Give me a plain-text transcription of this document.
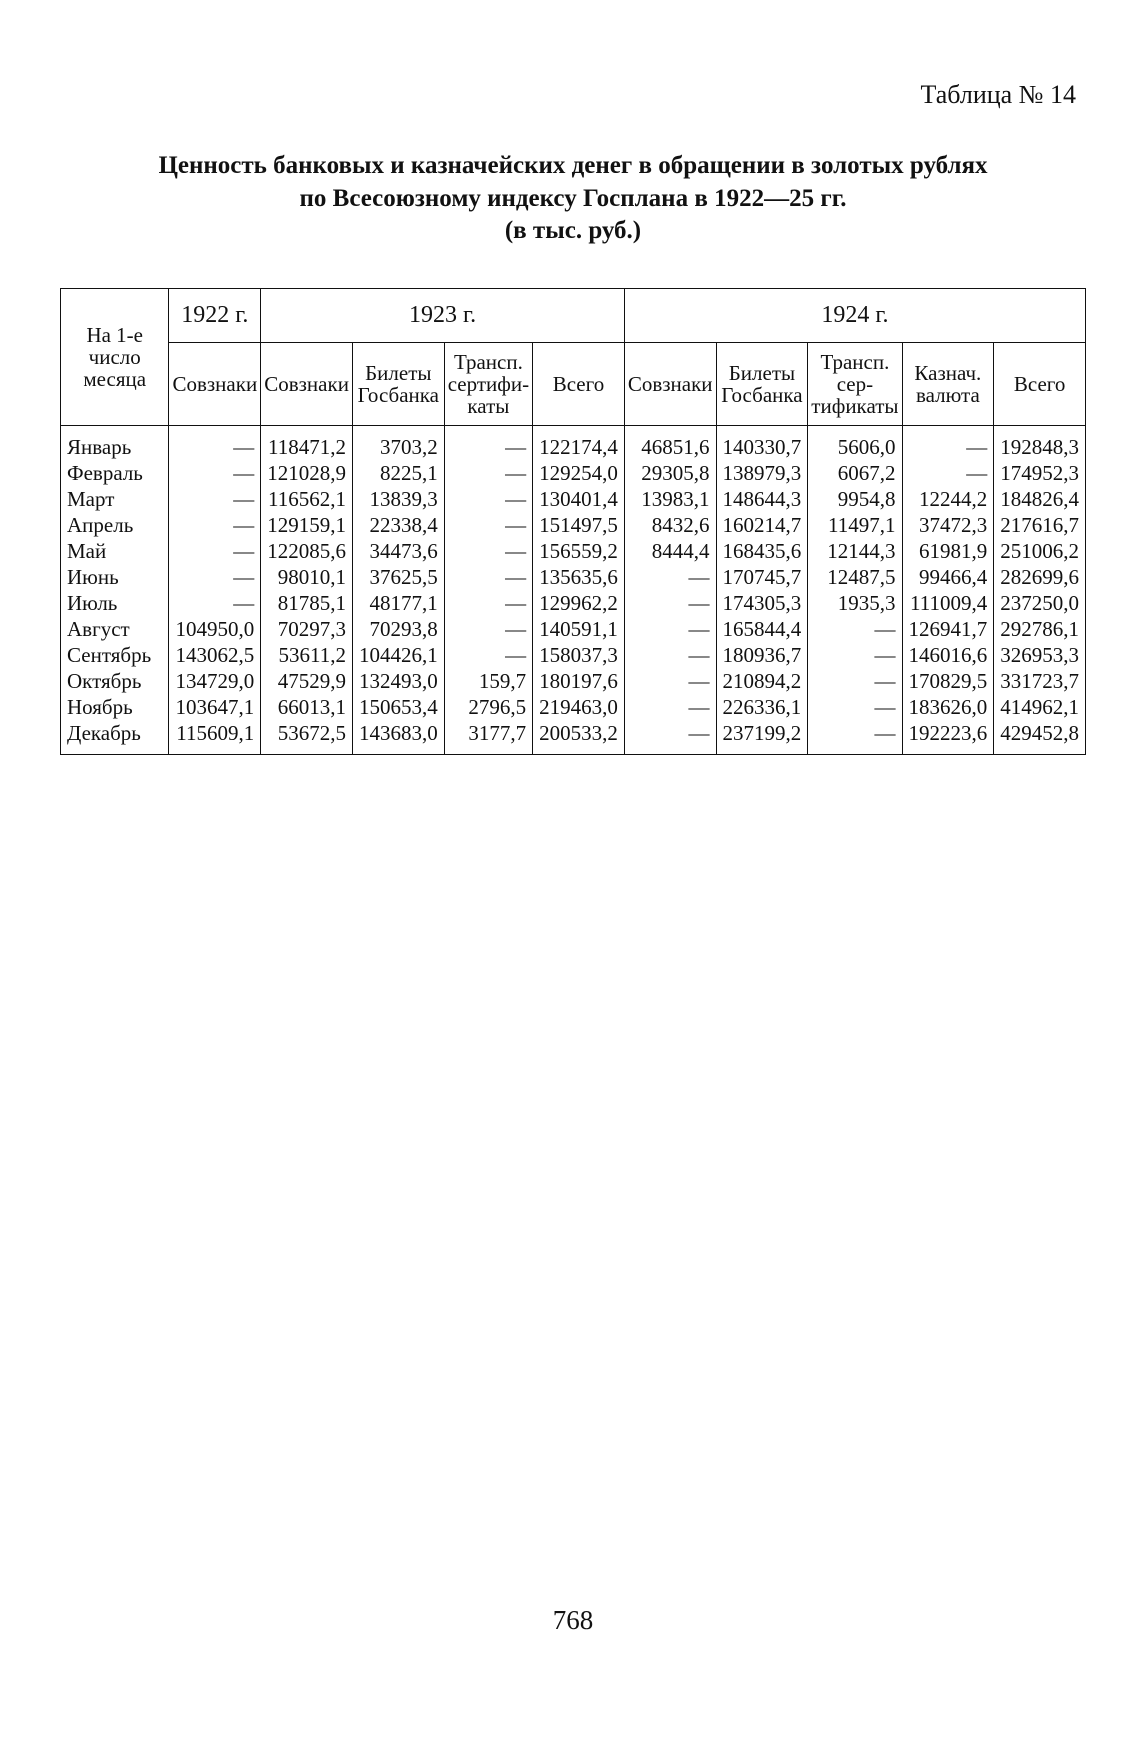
Таблица № 14
Ценность банковых и казначейских денег в обращении в золотых рублях
по Всесоюзному индексу Госплана в 1922—25 гг.
(в тыс. руб.)
На 1-е число месяца	1922 г.	1923 г.				1924 г.				
	Совзнаки	Совзнаки	Билеты Госбанка	Трансп. сертифи-каты	Всего	Совзнаки	Билеты Госбанка	Трансп. сер-тификаты	Казнач. валюта	Всего
Январь	—	118471,2	3703,2	—	122174,4	46851,6	140330,7	5606,0	—	192848,3
Февраль	—	121028,9	8225,1	—	129254,0	29305,8	138979,3	6067,2	—	174952,3
Март	—	116562,1	13839,3	—	130401,4	13983,1	148644,3	9954,8	12244,2	184826,4
Апрель	—	129159,1	22338,4	—	151497,5	8432,6	160214,7	11497,1	37472,3	217616,7
Май	—	122085,6	34473,6	—	156559,2	8444,4	168435,6	12144,3	61981,9	251006,2
Июнь	—	98010,1	37625,5	—	135635,6	—	170745,7	12487,5	99466,4	282699,6
Июль	—	81785,1	48177,1	—	129962,2	—	174305,3	1935,3	111009,4	237250,0
Август	104950,0	70297,3	70293,8	—	140591,1	—	165844,4	—	126941,7	292786,1
Сентябрь	143062,5	53611,2	104426,1	—	158037,3	—	180936,7	—	146016,6	326953,3
Октябрь	134729,0	47529,9	132493,0	159,7	180197,6	—	210894,2	—	170829,5	331723,7
Ноябрь	103647,1	66013,1	150653,4	2796,5	219463,0	—	226336,1	—	183626,0	414962,1
Декабрь	115609,1	53672,5	143683,0	3177,7	200533,2	—	237199,2	—	192223,6	429452,8
768
